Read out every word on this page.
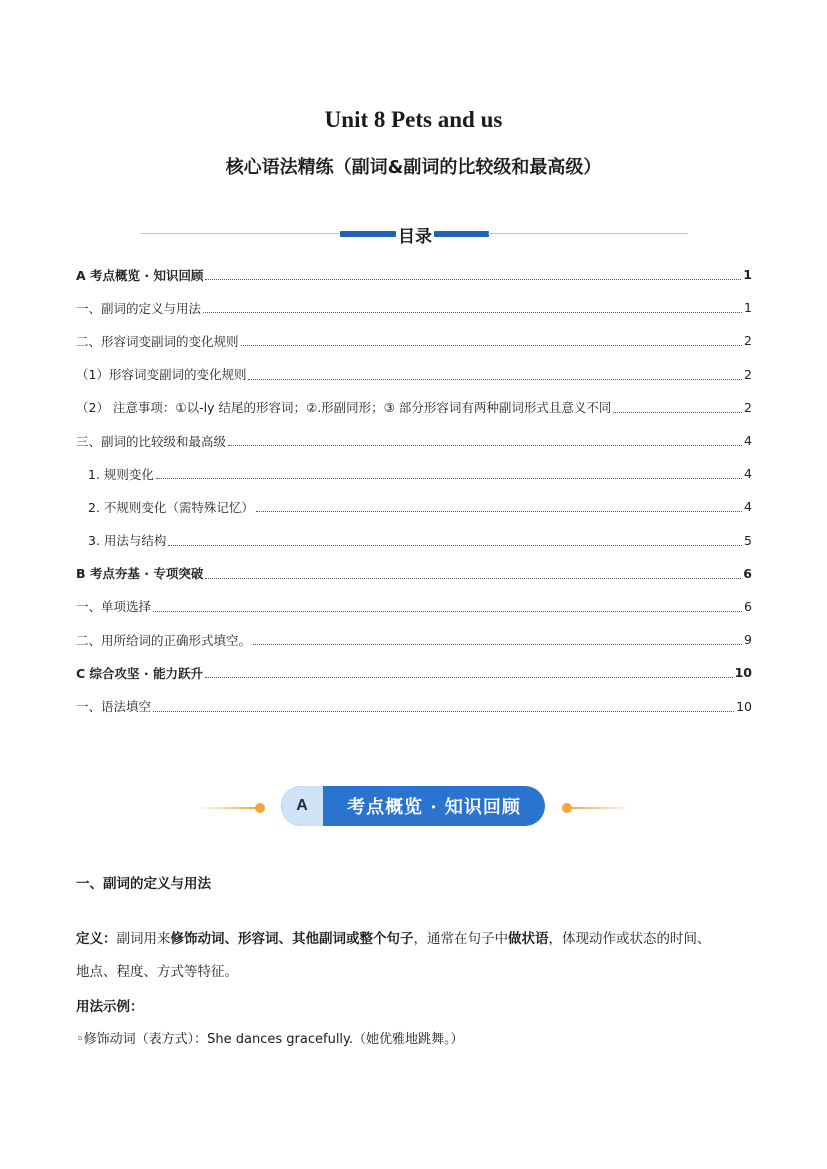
Unit 8 Pets and us
核心语法精练（副词&副词的比较级和最高级）
目录
A 考点概览 · 知识回顾	1
一、副词的定义与用法	1
二、形容词变副词的变化规则	2
（1）形容词变副词的变化规则	2
（2） 注意事项：①以-ly 结尾的形容词；②.形副同形；③ 部分形容词有两种副词形式且意义不同	2
三、副词的比较级和最高级	4
1. 规则变化	4
2. 不规则变化（需特殊记忆）	4
3. 用法与结构	5
B 考点夯基 · 专项突破	6
一、单项选择	6
二、用所给词的正确形式填空。	9
C 综合攻坚 · 能力跃升	10
一、语法填空	10
A	考点概览 · 知识回顾
一、副词的定义与用法
定义：副词用来修饰动词、形容词、其他副词或整个句子，通常在句子中做状语，体现动作或状态的时间、
地点、程度、方式等特征。
用法示例：
◦修饰动词（表方式）：She dances gracefully.（她优雅地跳舞。）
